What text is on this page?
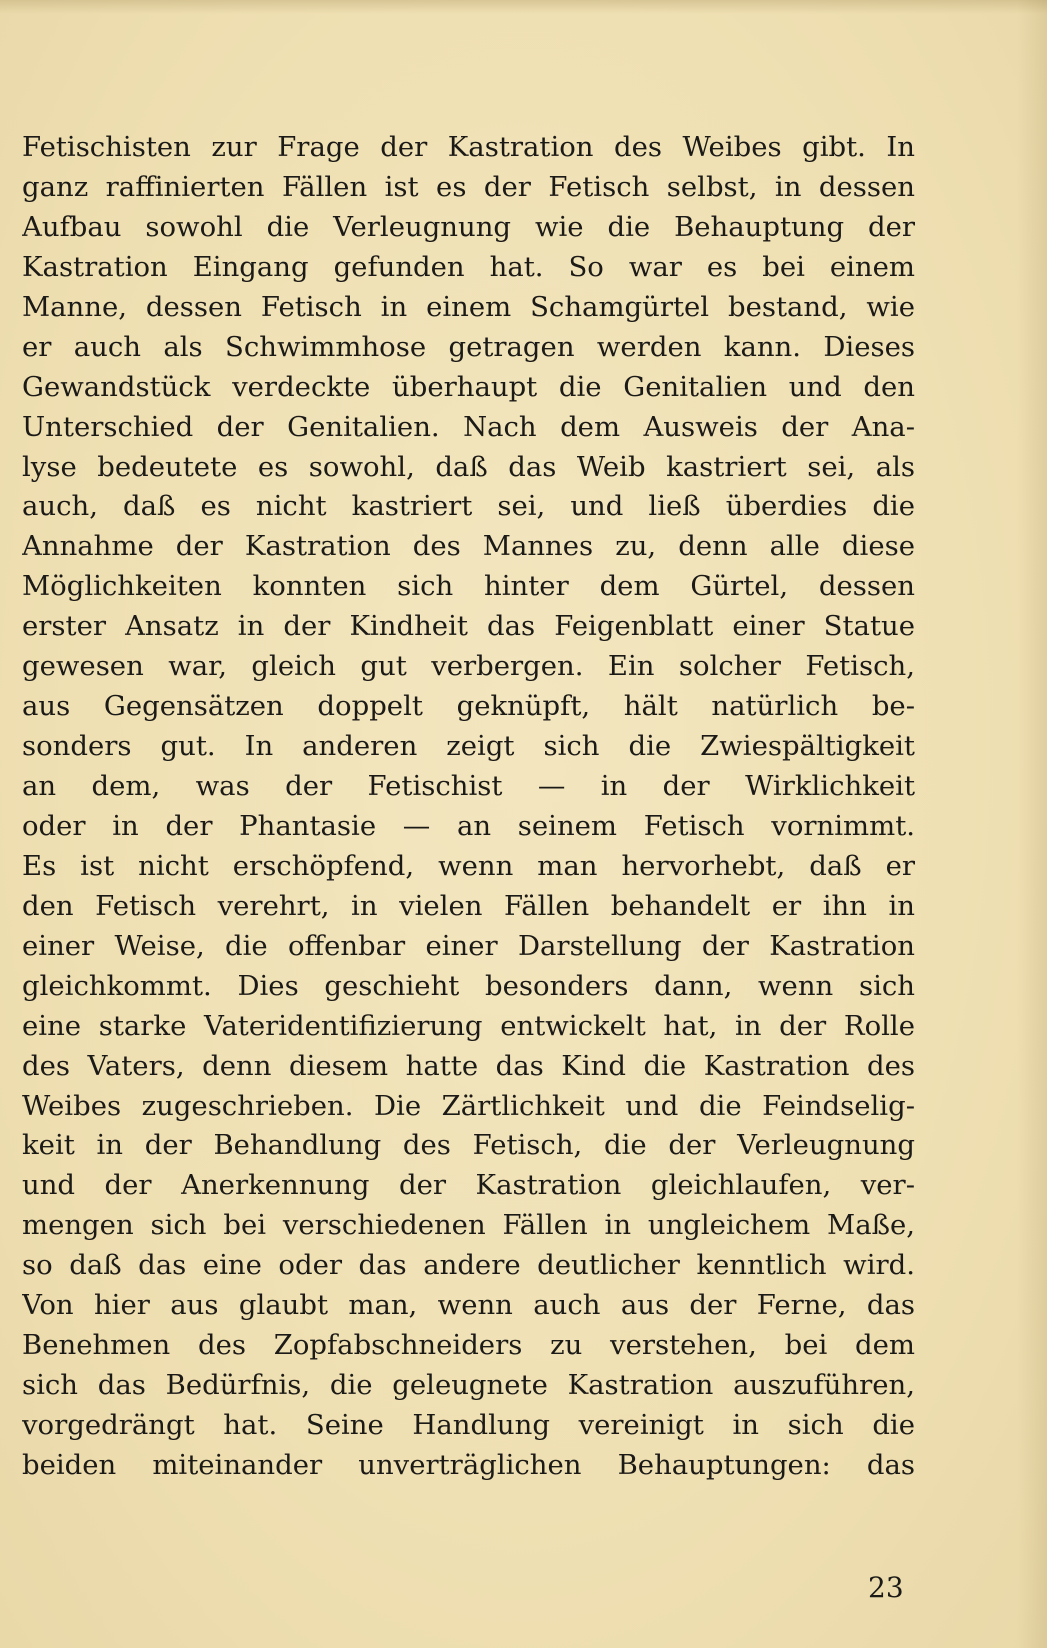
Fetischisten zur Frage der Kastration des Weibes gibt. In
ganz raffinierten Fällen ist es der Fetisch selbst, in dessen
Aufbau sowohl die Verleugnung wie die Behauptung der
Kastration Eingang gefunden hat. So war es bei einem
Manne, dessen Fetisch in einem Schamgürtel bestand, wie
er auch als Schwimmhose getragen werden kann. Dieses
Gewandstück verdeckte überhaupt die Genitalien und den
Unterschied der Genitalien. Nach dem Ausweis der Ana-
lyse bedeutete es sowohl, daß das Weib kastriert sei, als
auch, daß es nicht kastriert sei, und ließ überdies die
Annahme der Kastration des Mannes zu, denn alle diese
Möglichkeiten konnten sich hinter dem Gürtel, dessen
erster Ansatz in der Kindheit das Feigenblatt einer Statue
gewesen war, gleich gut verbergen. Ein solcher Fetisch,
aus Gegensätzen doppelt geknüpft, hält natürlich be-
sonders gut. In anderen zeigt sich die Zwiespältigkeit
an dem, was der Fetischist — in der Wirklichkeit
oder in der Phantasie — an seinem Fetisch vornimmt.
Es ist nicht erschöpfend, wenn man hervorhebt, daß er
den Fetisch verehrt, in vielen Fällen behandelt er ihn in
einer Weise, die offenbar einer Darstellung der Kastration
gleichkommt. Dies geschieht besonders dann, wenn sich
eine starke Vateridentifizierung entwickelt hat, in der Rolle
des Vaters, denn diesem hatte das Kind die Kastration des
Weibes zugeschrieben. Die Zärtlichkeit und die Feindselig-
keit in der Behandlung des Fetisch, die der Verleugnung
und der Anerkennung der Kastration gleichlaufen, ver-
mengen sich bei verschiedenen Fällen in ungleichem Maße,
so daß das eine oder das andere deutlicher kenntlich wird.
Von hier aus glaubt man, wenn auch aus der Ferne, das
Benehmen des Zopfabschneiders zu verstehen, bei dem
sich das Bedürfnis, die geleugnete Kastration auszuführen,
vorgedrängt hat. Seine Handlung vereinigt in sich die
beiden miteinander unverträglichen Behauptungen: das
23
